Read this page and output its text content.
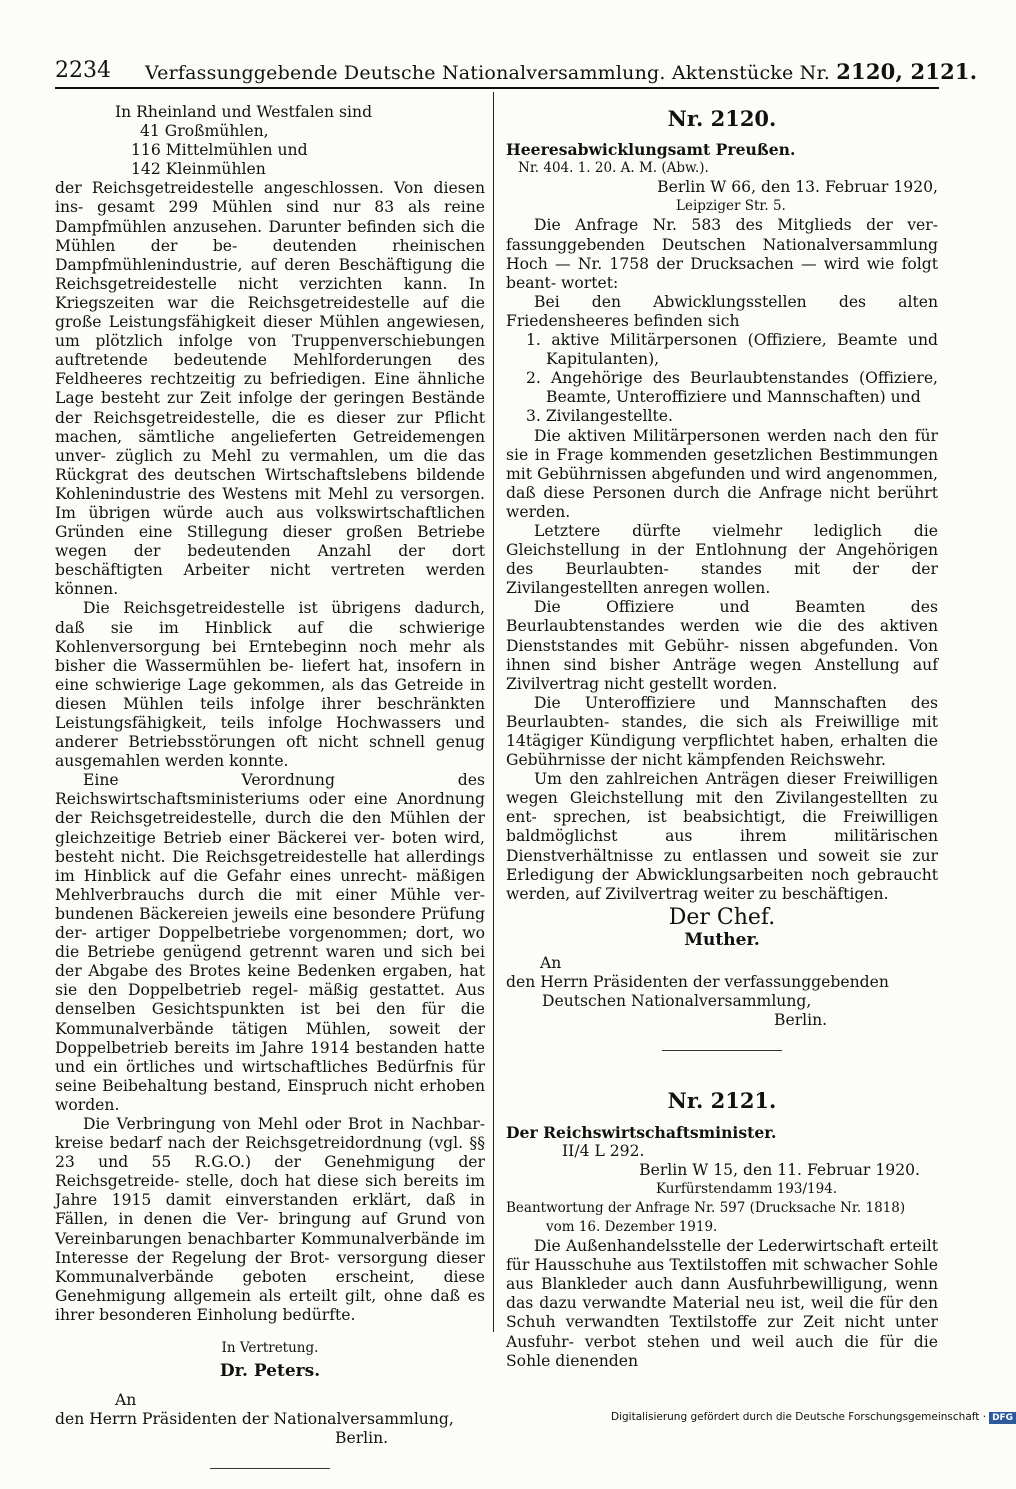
2234 Verfassunggebende Deutsche Nationalversammlung. Aktenstücke Nr. 2120, 2121.

In Rheinland und Westfalen sind

41 Großmühlen,

116 Mittelmühlen und

142 Kleinmühlen

der Reichsgetreidestelle angeschlossen. Von diesen ins- gesamt 299 Mühlen sind nur 83 als reine Dampfmühlen anzusehen. Darunter befinden sich die Mühlen der be- deutenden rheinischen Dampfmühlenindustrie, auf deren Beschäftigung die Reichsgetreidestelle nicht verzichten kann. In Kriegszeiten war die Reichsgetreidestelle auf die große Leistungsfähigkeit dieser Mühlen angewiesen, um plötzlich infolge von Truppenverschiebungen auftretende bedeutende Mehlforderungen des Feldheeres rechtzeitig zu befriedigen. Eine ähnliche Lage besteht zur Zeit infolge der geringen Bestände der Reichsgetreidestelle, die es dieser zur Pflicht machen, sämtliche angelieferten Getreidemengen unver- züglich zu Mehl zu vermahlen, um die das Rückgrat des deutschen Wirtschaftslebens bildende Kohlenindustrie des Westens mit Mehl zu versorgen. Im übrigen würde auch aus volkswirtschaftlichen Gründen eine Stillegung dieser großen Betriebe wegen der bedeutenden Anzahl der dort beschäftigten Arbeiter nicht vertreten werden können.

Die Reichsgetreidestelle ist übrigens dadurch, daß sie im Hinblick auf die schwierige Kohlenversorgung bei Erntebeginn noch mehr als bisher die Wassermühlen be- liefert hat, insofern in eine schwierige Lage gekommen, als das Getreide in diesen Mühlen teils infolge ihrer beschränkten Leistungsfähigkeit, teils infolge Hochwassers und anderer Betriebsstörungen oft nicht schnell genug ausgemahlen werden konnte.

Eine Verordnung des Reichswirtschaftsministeriums oder eine Anordnung der Reichsgetreidestelle, durch die den Mühlen der gleichzeitige Betrieb einer Bäckerei ver- boten wird, besteht nicht. Die Reichsgetreidestelle hat allerdings im Hinblick auf die Gefahr eines unrecht- mäßigen Mehlverbrauchs durch die mit einer Mühle ver- bundenen Bäckereien jeweils eine besondere Prüfung der- artiger Doppelbetriebe vorgenommen; dort, wo die Betriebe genügend getrennt waren und sich bei der Abgabe des Brotes keine Bedenken ergaben, hat sie den Doppelbetrieb regel- mäßig gestattet. Aus denselben Gesichtspunkten ist bei den für die Kommunalverbände tätigen Mühlen, soweit der Doppelbetrieb bereits im Jahre 1914 bestanden hatte und ein örtliches und wirtschaftliches Bedürfnis für seine Beibehaltung bestand, Einspruch nicht erhoben worden.

Die Verbringung von Mehl oder Brot in Nachbar- kreise bedarf nach der Reichsgetreidordnung (vgl. §§ 23 und 55 R.G.O.) der Genehmigung der Reichsgetreide- stelle, doch hat diese sich bereits im Jahre 1915 damit einverstanden erklärt, daß in Fällen, in denen die Ver- bringung auf Grund von Vereinbarungen benachbarter Kommunalverbände im Interesse der Regelung der Brot- versorgung dieser Kommunalverbände geboten erscheint, diese Genehmigung allgemein als erteilt gilt, ohne daß es ihrer besonderen Einholung bedürfte.

In Vertretung.

Dr. Peters.

An

den Herrn Präsidenten der Nationalversammlung,

Berlin.

Nr. 2120.

Heeresabwicklungsamt Preußen.

Nr. 404. 1. 20. A. M. (Abw.).

Berlin W 66, den 13. Februar 1920,

Leipziger Str. 5.

Die Anfrage Nr. 583 des Mitglieds der ver- fassunggebenden Deutschen Nationalversammlung Hoch — Nr. 1758 der Drucksachen — wird wie folgt beant- wortet:

Bei den Abwicklungsstellen des alten Friedensheeres befinden sich

1. aktive Militärpersonen (Offiziere, Beamte und Kapitulanten),

2. Angehörige des Beurlaubtenstandes (Offiziere, Beamte, Unteroffiziere und Mannschaften) und

3. Zivilangestellte.

Die aktiven Militärpersonen werden nach den für sie in Frage kommenden gesetzlichen Bestimmungen mit Gebührnissen abgefunden und wird angenommen, daß diese Personen durch die Anfrage nicht berührt werden.

Letztere dürfte vielmehr lediglich die Gleichstellung in der Entlohnung der Angehörigen des Beurlaubten- standes mit der der Zivilangestellten anregen wollen.

Die Offiziere und Beamten des Beurlaubtenstandes werden wie die des aktiven Dienststandes mit Gebühr- nissen abgefunden. Von ihnen sind bisher Anträge wegen Anstellung auf Zivilvertrag nicht gestellt worden.

Die Unteroffiziere und Mannschaften des Beurlaubten- standes, die sich als Freiwillige mit 14tägiger Kündigung verpflichtet haben, erhalten die Gebührnisse der nicht kämpfenden Reichswehr.

Um den zahlreichen Anträgen dieser Freiwilligen wegen Gleichstellung mit den Zivilangestellten zu ent- sprechen, ist beabsichtigt, die Freiwilligen baldmöglichst aus ihrem militärischen Dienstverhältnisse zu entlassen und soweit sie zur Erledigung der Abwicklungsarbeiten noch gebraucht werden, auf Zivilvertrag weiter zu beschäftigen.

Der Chef.

Muther.

An

den Herrn Präsidenten der verfassunggebenden

Deutschen Nationalversammlung,

Berlin.

Nr. 2121.

Der Reichswirtschaftsminister.

II/4 L 292.

Berlin W 15, den 11. Februar 1920.

Kurfürstendamm 193/194.

Beantwortung der Anfrage Nr. 597 (Drucksache Nr. 1818)

vom 16. Dezember 1919.

Die Außenhandelsstelle der Lederwirtschaft erteilt für Hausschuhe aus Textilstoffen mit schwacher Sohle aus Blankleder auch dann Ausfuhrbewilligung, wenn das dazu verwandte Material neu ist, weil die für den Schuh verwandten Textilstoffe zur Zeit nicht unter Ausfuhr- verbot stehen und weil auch die für die Sohle dienenden

Digitalisierung gefördert durch die Deutsche Forschungsgemeinschaft · DFG
